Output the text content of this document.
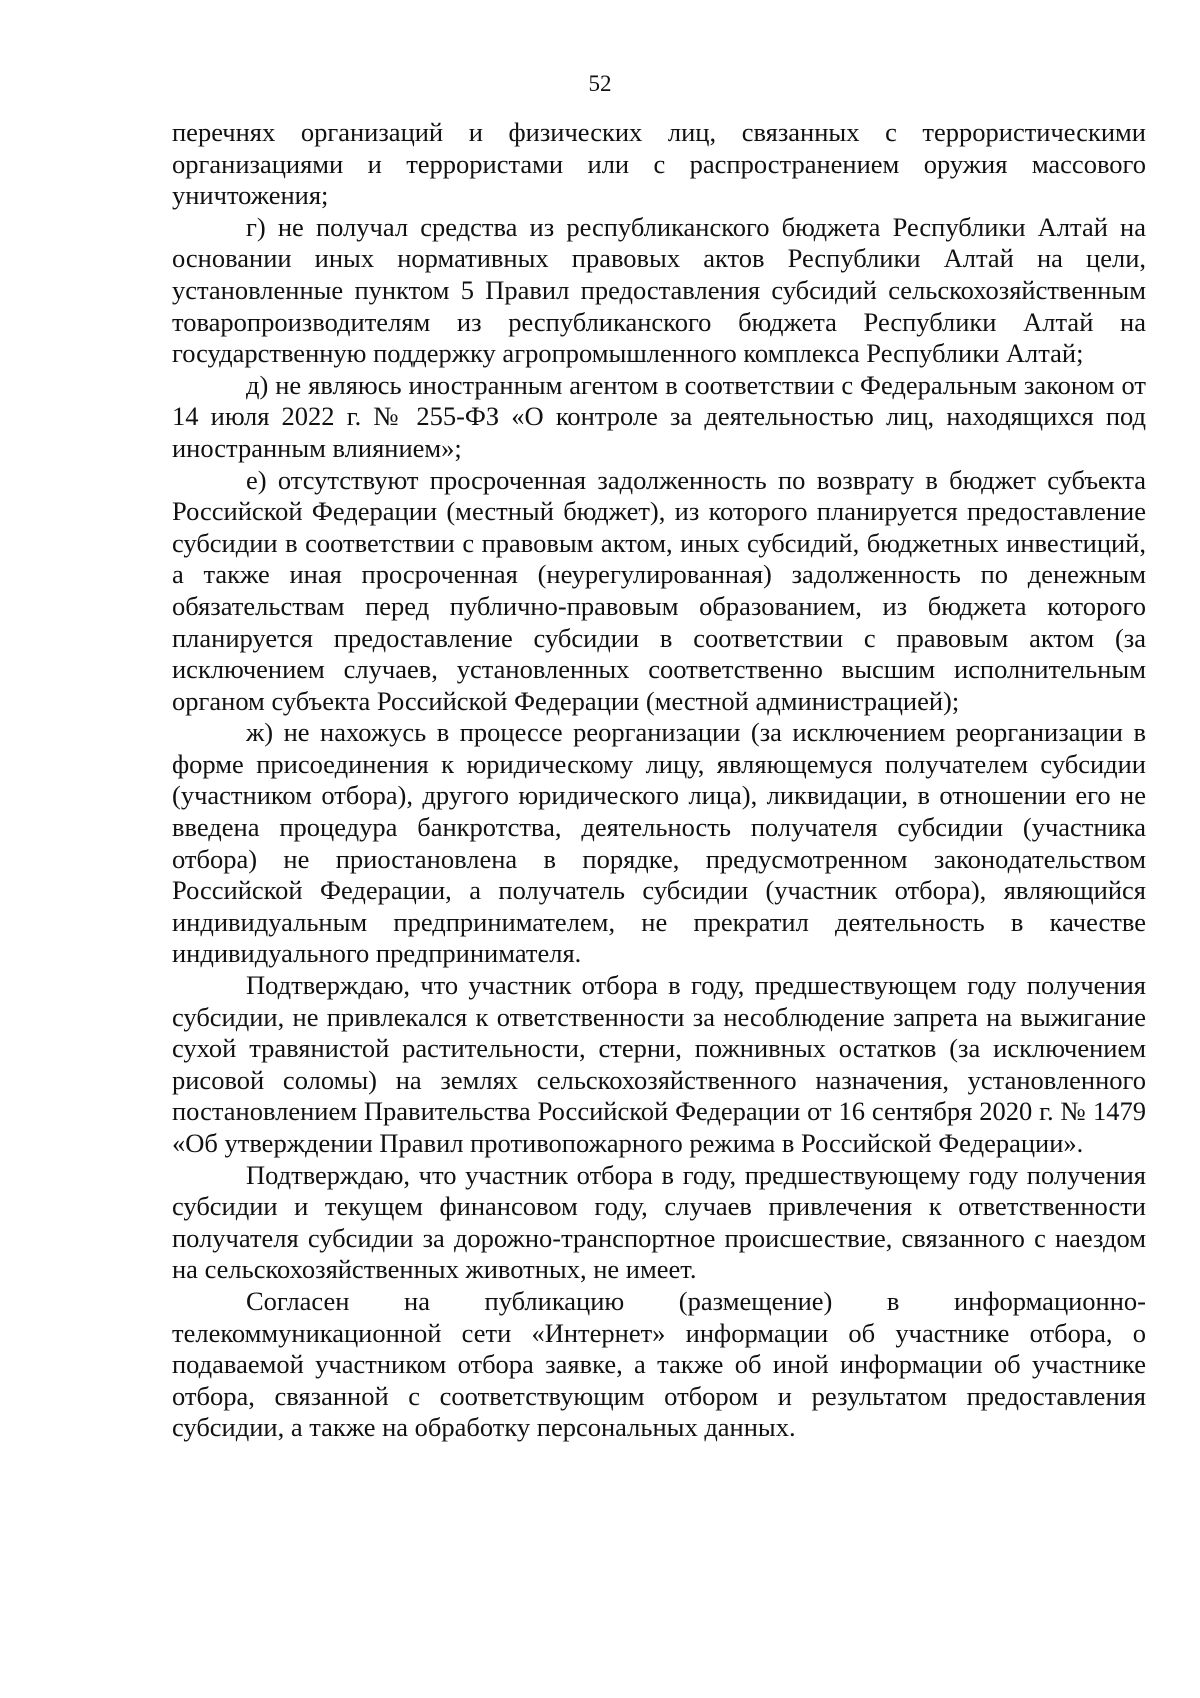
52

перечнях организаций и физических лиц, связанных с террористическими организациями и террористами или с распространением оружия массового уничтожения;

г) не получал средства из республиканского бюджета Республики Алтай на основании иных нормативных правовых актов Республики Алтай на цели, установленные пунктом 5 Правил предоставления субсидий сельскохозяйственным товаропроизводителям из республиканского бюджета Республики Алтай на государственную поддержку агропромышленного комплекса Республики Алтай;

д) не являюсь иностранным агентом в соответствии с Федеральным законом от 14 июля 2022 г. № 255-ФЗ «О контроле за деятельностью лиц, находящихся под иностранным влиянием»;

е) отсутствуют просроченная задолженность по возврату в бюджет субъекта Российской Федерации (местный бюджет), из которого планируется предоставление субсидии в соответствии с правовым актом, иных субсидий, бюджетных инвестиций, а также иная просроченная (неурегулированная) задолженность по денежным обязательствам перед публично-правовым образованием, из бюджета которого планируется предоставление субсидии в соответствии с правовым актом (за исключением случаев, установленных соответственно высшим исполнительным органом субъекта Российской Федерации (местной администрацией);

ж) не нахожусь в процессе реорганизации (за исключением реорганизации в форме присоединения к юридическому лицу, являющемуся получателем субсидии (участником отбора), другого юридического лица), ликвидации, в отношении его не введена процедура банкротства, деятельность получателя субсидии (участника отбора) не приостановлена в порядке, предусмотренном законодательством Российской Федерации, а получатель субсидии (участник отбора), являющийся индивидуальным предпринимателем, не прекратил деятельность в качестве индивидуального предпринимателя.

Подтверждаю, что участник отбора в году, предшествующем году получения субсидии, не привлекался к ответственности за несоблюдение запрета на выжигание сухой травянистой растительности, стерни, пожнивных остатков (за исключением рисовой соломы) на землях сельскохозяйственного назначения, установленного постановлением Правительства Российской Федерации от 16 сентября 2020 г. № 1479 «Об утверждении Правил противопожарного режима в Российской Федерации».

Подтверждаю, что участник отбора в году, предшествующему году получения субсидии и текущем финансовом году, случаев привлечения к ответственности получателя субсидии за дорожно-транспортное происшествие, связанного с наездом на сельскохозяйственных животных, не имеет.

Согласен на публикацию (размещение) в информационно-телекоммуникационной сети «Интернет» информации об участнике отбора, о подаваемой участником отбора заявке, а также об иной информации об участнике отбора, связанной с соответствующим отбором и результатом предоставления субсидии, а также на обработку персональных данных.
